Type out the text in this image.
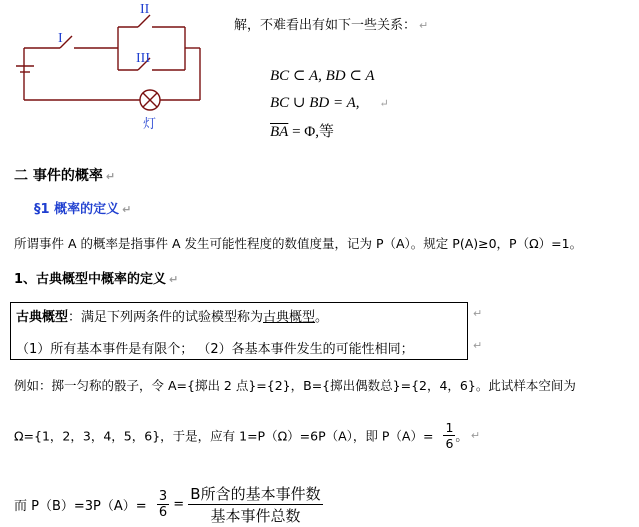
I
II
III
灯
解，不难看出有如下一些关系： ↵
BC ⊂ A, BD ⊂ A
BC ∪ BD = A, ↵
$\overline{BA} = \Phi$,等
二 事件的概率 ↵
§1 概率的定义 ↵
所谓事件 A 的概率是指事件 A 发生可能性程度的数值度量，记为 P（A）。规定 P(A)≥0，P（Ω）=1。
1、古典概型中概率的定义 ↵
古典概型：满足下列两条件的试验模型称为古典概型。	↵
（1）所有基本事件是有限个； （2）各基本事件发生的可能性相同；	↵
例如：掷一匀称的骰子，令 A={掷出 2 点}={2}，B={掷出偶数总}={2，4，6}。此试样本空间为
Ω={1，2，3，4，5，6}，于是，应有 1=P（Ω）=6P（A），即 $P(A)= \frac{1}{6}$ 。 ↵
而 $P(B)=3P(A)= \frac{3}{6} = \frac{\text{B所含的基本事件数}}{\text{基本事件总数}}$
